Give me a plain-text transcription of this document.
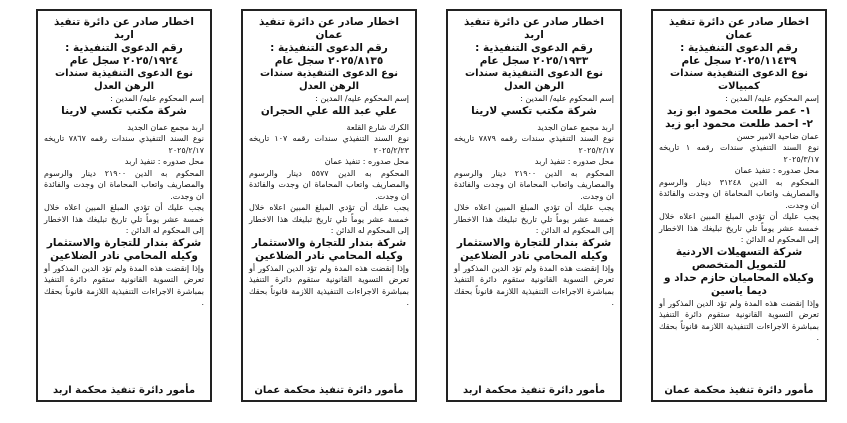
اخطار صادر عن دائرة تنفيذ اربد

رقم الدعوى التنفيذية :

٢٠٢٥/١٩٢٤ سجل عام

نوع الدعوى التنفيذية سندات الرهن العدل

إسم المحكوم عليه/ المدين :

شركة مكتب تكسي لارينا

اربد مجمع عمان الجديد

نوع السند التنفيذي سندات رقمه ٧٨٦٧ تاريخه ٢٠٢٥/٢/١٧

محل صدوره : تنفيذ اربد

المحكوم به الدين ٢١٩٠٠ دينار والرسوم والمصاريف واتعاب المحاماة ان وجدت والفائدة ان وجدت.

يجب عليك أن تؤدي المبلغ المبين اعلاه خلال خمسة عشر يوماً تلي تاريخ تبليغك هذا الاخطار إلى المحكوم له الدائن :

شركة بندار للتجارة والاستثمار

وكيله المحامي نادر الضلاعين

وإذا إنقضت هذه المدة ولم تؤد الدين المذكور أو تعرض التسوية القانونية ستقوم دائرة التنفيذ بمباشرة الاجراءات التنفيذية اللازمة قانوناً بحقك .

مأمور دائرة تنفيذ محكمة اربد

اخطار صادر عن دائرة تنفيذ عمان

رقم الدعوى التنفيذية :

٢٠٢٥/٨١٣٥ سجل عام

نوع الدعوى التنفيذية سندات الرهن العدل

إسم المحكوم عليه/ المدين :

علي عبد الله علي الحجران

الكرك شارع القلعة

نوع السند التنفيذي سندات رقمه ١٠٧ تاريخه ٢٠٢٥/٢/٢٣

محل صدوره : تنفيذ عمان

المحكوم به الدين ٥٥٧٧ دينار والرسوم والمصاريف واتعاب المحاماة ان وجدت والفائدة ان وجدت.

يجب عليك أن تؤدي المبلغ المبين اعلاه خلال خمسة عشر يوماً تلي تاريخ تبليغك هذا الاخطار إلى المحكوم له الدائن :

شركة بندار للتجارة والاستثمار

وكيله المحامي نادر الضلاعين

وإذا إنقضت هذه المدة ولم تؤد الدين المذكور أو تعرض التسوية القانونية ستقوم دائرة التنفيذ بمباشرة الاجراءات التنفيذية اللازمة قانوناً بحقك .

مأمور دائرة تنفيذ محكمة عمان

اخطار صادر عن دائرة تنفيذ اربد

رقم الدعوى التنفيذية :

٢٠٢٥/١٩٣٣ سجل عام

نوع الدعوى التنفيذية سندات الرهن العدل

إسم المحكوم عليه/ المدين :

شركة مكتب تكسي لارينا

اربد مجمع عمان الجديد

نوع السند التنفيذي سندات رقمه ٧٨٧٩ تاريخه ٢٠٢٥/٢/١٧

محل صدوره : تنفيذ اربد

المحكوم به الدين ٢١٩٠٠ دينار والرسوم والمصاريف واتعاب المحاماة ان وجدت والفائدة ان وجدت.

يجب عليك أن تؤدي المبلغ المبين اعلاه خلال خمسة عشر يوماً تلي تاريخ تبليغك هذا الاخطار إلى المحكوم له الدائن :

شركة بندار للتجارة والاستثمار

وكيله المحامي نادر الضلاعين

وإذا إنقضت هذه المدة ولم تؤد الدين المذكور أو تعرض التسوية القانونية ستقوم دائرة التنفيذ بمباشرة الاجراءات التنفيذية اللازمة قانوناً بحقك .

مأمور دائرة تنفيذ محكمة اربد

اخطار صادر عن دائرة تنفيذ عمان

رقم الدعوى التنفيذية :

٢٠٢٥/١١٤٣٩ سجل عام

نوع الدعوى التنفيذية سندات كمبيالات

إسم المحكوم عليه/ المدين :

١- عمر طلعت محمود ابو زيد

٢- احمد طلعت محمود ابو زيد

عمان ضاحية الامير حسن

نوع السند التنفيذي سندات رقمه ١ تاريخه ٢٠٢٥/٣/١٧

محل صدوره : تنفيذ عمان

المحكوم به الدين ٣١٢٤٨ دينار والرسوم والمصاريف واتعاب المحاماة ان وجدت والفائدة ان وجدت.

يجب عليك أن تؤدي المبلغ المبين اعلاه خلال خمسة عشر يوماً تلي تاريخ تبليغك هذا الاخطار إلى المحكوم له الدائن :

شركة التسهيلات الاردنية للتمويل المتخصص

وكيلاه المحاميان حازم حداد و ديما ياسين

وإذا إنقضت هذه المدة ولم تؤد الدين المذكور أو تعرض التسوية القانونية ستقوم دائرة التنفيذ بمباشرة الاجراءات التنفيذية اللازمة قانوناً بحقك .

مأمور دائرة تنفيذ محكمة عمان
